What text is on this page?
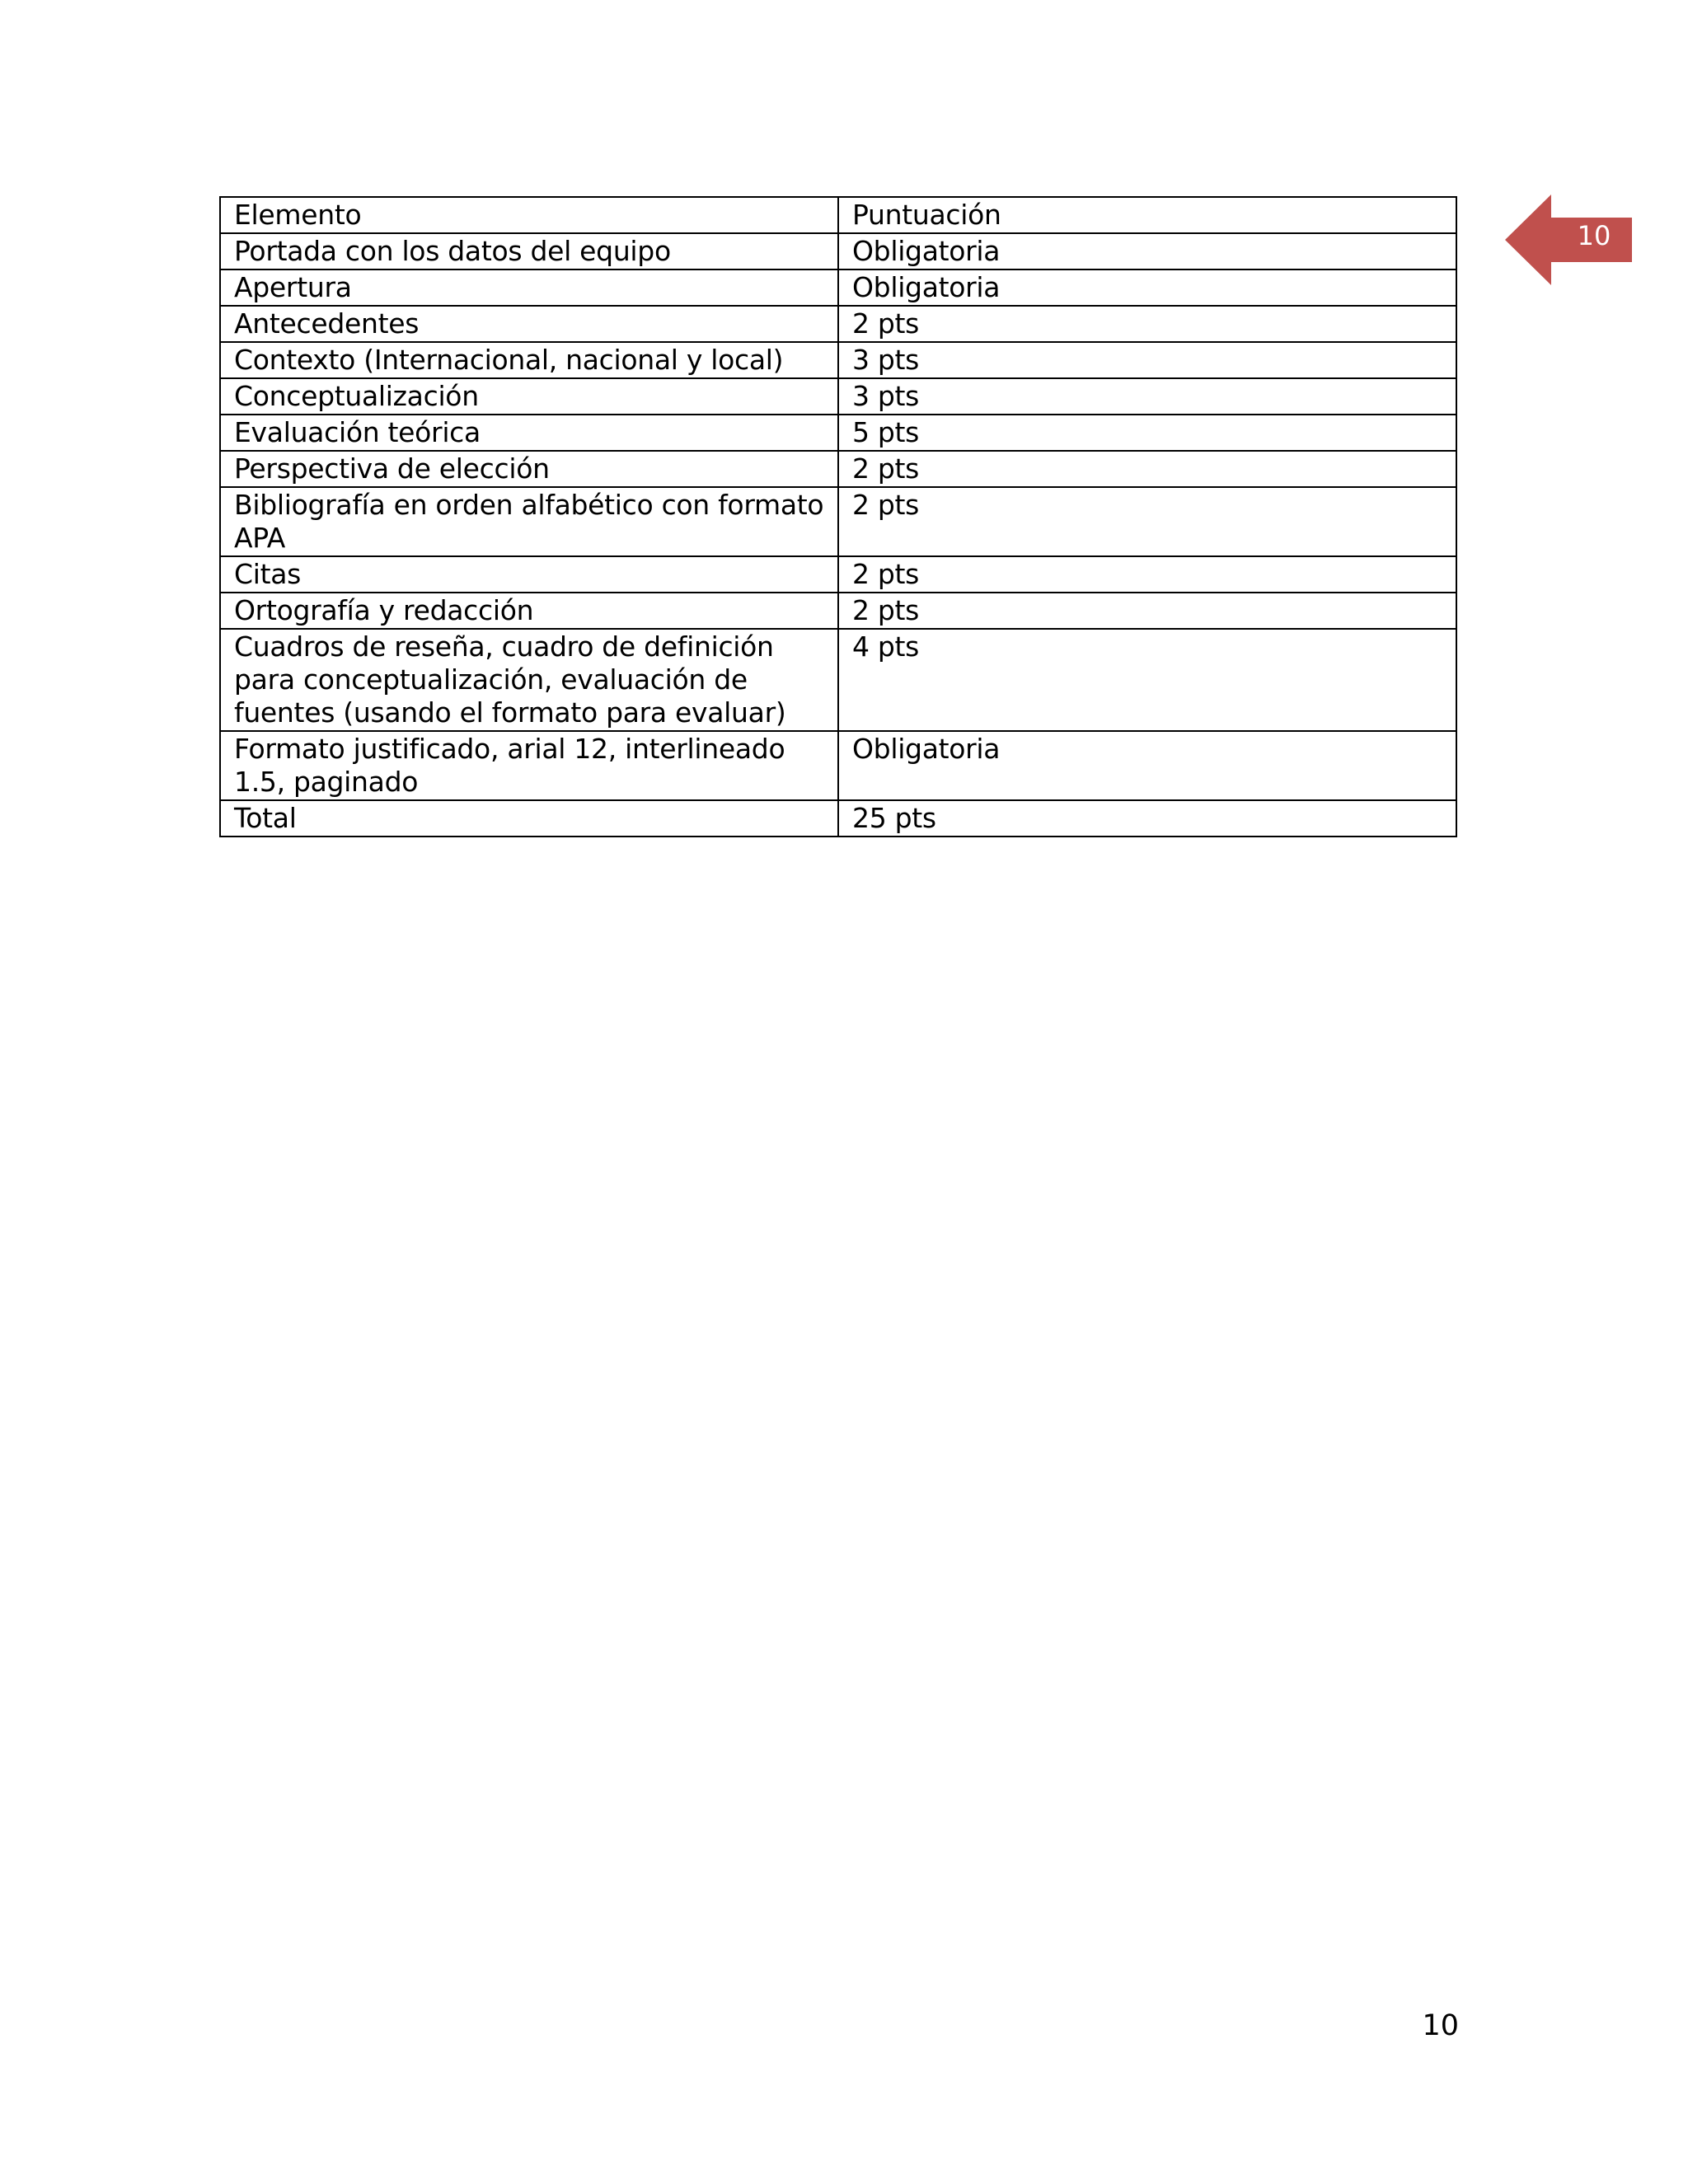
Elemento	Puntuación
Portada con los datos del equipo	Obligatoria
Apertura	Obligatoria
Antecedentes	2 pts
Contexto (Internacional, nacional y local)	3 pts
Conceptualización	3 pts
Evaluación teórica	5 pts
Perspectiva de elección	2 pts
Bibliografía en orden alfabético con formato APA	2 pts
Citas	2 pts
Ortografía y redacción	2 pts
Cuadros de reseña, cuadro de definición para conceptualización, evaluación de fuentes (usando el formato para evaluar)	4 pts
Formato justificado, arial 12, interlineado 1.5, paginado	Obligatoria
Total	25 pts
10
10
